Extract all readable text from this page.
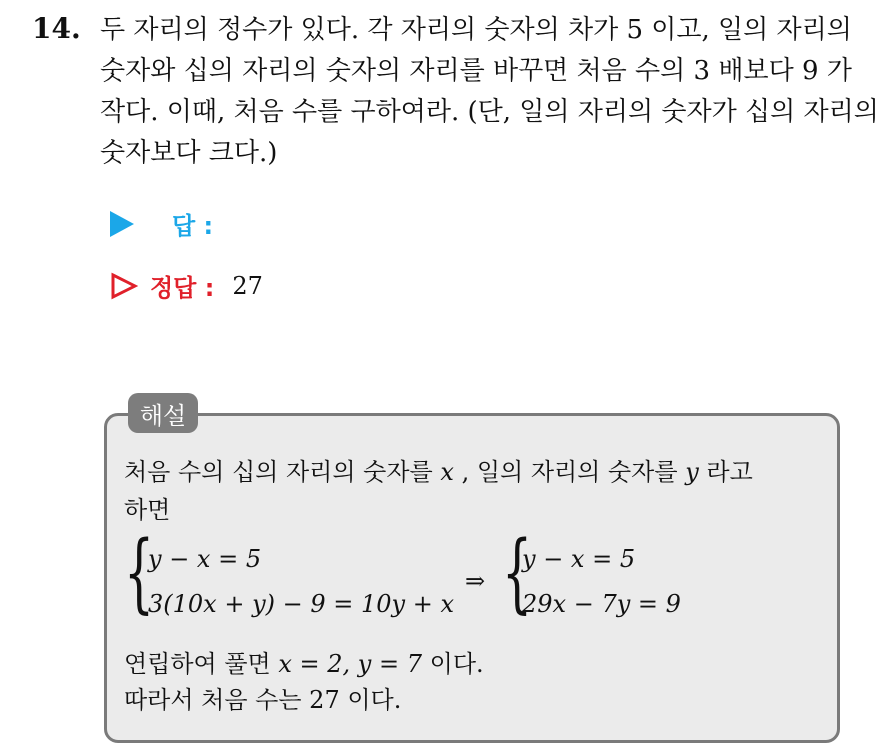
14. 두 자리의 정수가 있다. 각 자리의 숫자의 차가 5 이고, 일의 자리의
숫자와 십의 자리의 숫자의 자리를 바꾸면 처음 수의 3 배보다 9 가
작다. 이때, 처음 수를 구하여라. (단, 일의 자리의 숫자가 십의 자리의
숫자보다 크다.)
답 :
정답 : 27
해설
처음 수의 십의 자리의 숫자를 x , 일의 자리의 숫자를 y 라고
하면
{
y − x = 5
3(10x + y) − 9 = 10y + x
⇒ {
y − x = 5
29x − 7y = 9
연립하여 풀면 x = 2, y = 7 이다.
따라서 처음 수는 27 이다.
